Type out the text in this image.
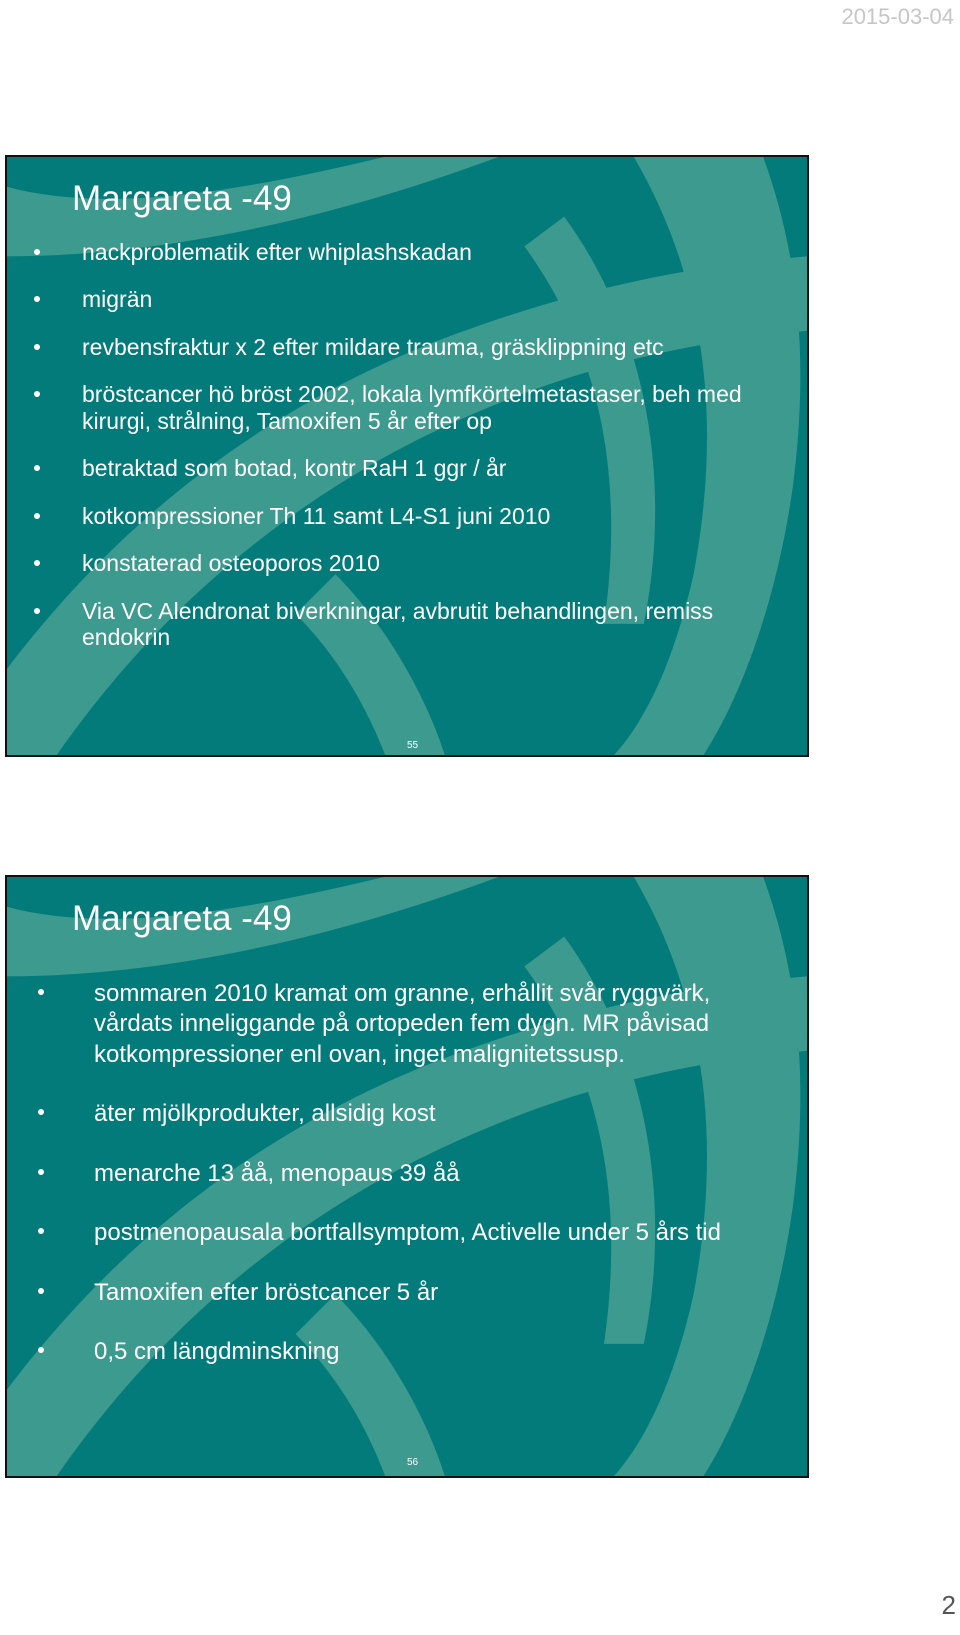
2015-03-04
Margareta -49
nackproblematik efter whiplashskadan
migrän
revbensfraktur x 2 efter mildare trauma, gräsklippning etc
bröstcancer hö bröst 2002, lokala lymfkörtelmetastaser, beh med kirurgi, strålning, Tamoxifen 5 år efter op
betraktad som botad, kontr RaH 1 ggr / år
kotkompressioner Th 11 samt L4-S1 juni 2010
konstaterad osteoporos 2010
Via VC Alendronat biverkningar, avbrutit behandlingen, remiss endokrin
55
Margareta -49
sommaren 2010 kramat om granne, erhållit svår ryggvärk, vårdats inneliggande på ortopeden fem dygn. MR påvisad kotkompressioner enl ovan, inget malignitetssusp.
äter mjölkprodukter, allsidig kost
menarche 13 åå, menopaus 39 åå
postmenopausala bortfallsymptom, Activelle under 5 års tid
Tamoxifen efter bröstcancer 5 år
0,5 cm längdminskning
56
2
